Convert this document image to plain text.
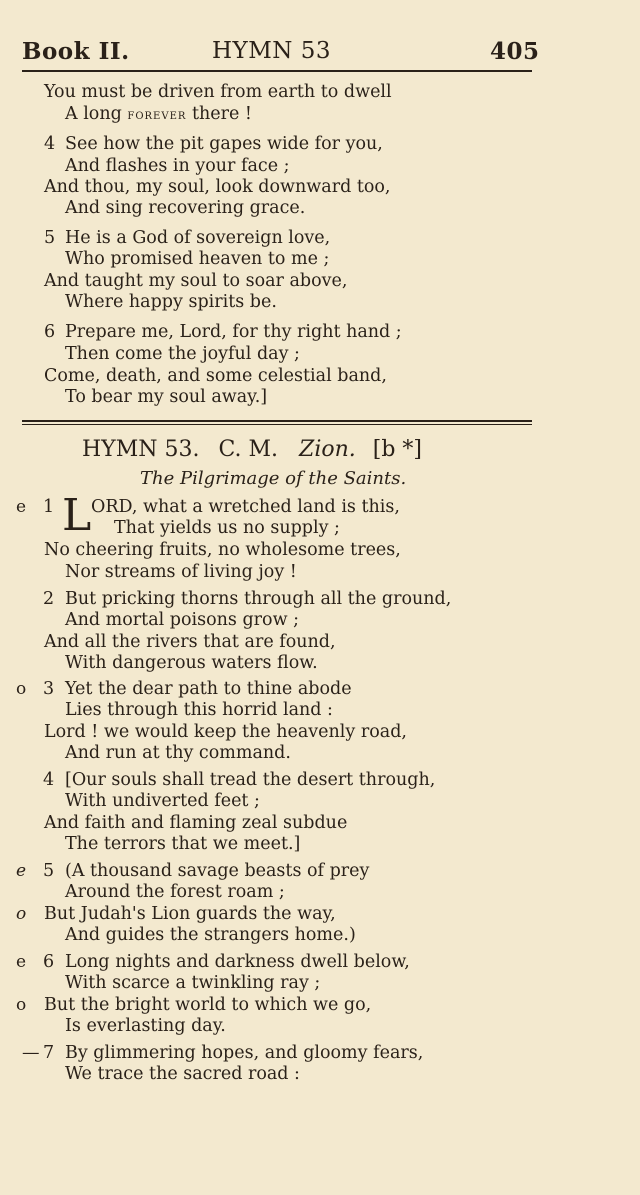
Book II.	HYMN 53	405
You must be driven from earth to dwell
A long forever there !
4 See how the pit gapes wide for you,
And flashes in your face ;
And thou, my soul, look downward too,
And sing recovering grace.
5 He is a God of sovereign love,
Who promised heaven to me ;
And taught my soul to soar above,
Where happy spirits be.
6 Prepare me, Lord, for thy right hand ;
Then come the joyful day ;
Come, death, and some celestial band,
To bear my soul away.]
HYMN 53. C. M. Zion. [b *]
The Pilgrimage of the Saints.
e 1 L ORD, what a wretched land is this,
That yields us no supply ;
No cheering fruits, no wholesome trees,
Nor streams of living joy !
2 But pricking thorns through all the ground,
And mortal poisons grow ;
And all the rivers that are found,
With dangerous waters flow.
o 3 Yet the dear path to thine abode
Lies through this horrid land :
Lord ! we would keep the heavenly road,
And run at thy command.
4 [Our souls shall tread the desert through,
With undiverted feet ;
And faith and flaming zeal subdue
The terrors that we meet.]
e 5 (A thousand savage beasts of prey
Around the forest roam ;
o But Judah's Lion guards the way,
And guides the strangers home.)
e 6 Long nights and darkness dwell below,
With scarce a twinkling ray ;
o But the bright world to which we go,
Is everlasting day.
— 7 By glimmering hopes, and gloomy fears,
We trace the sacred road :
